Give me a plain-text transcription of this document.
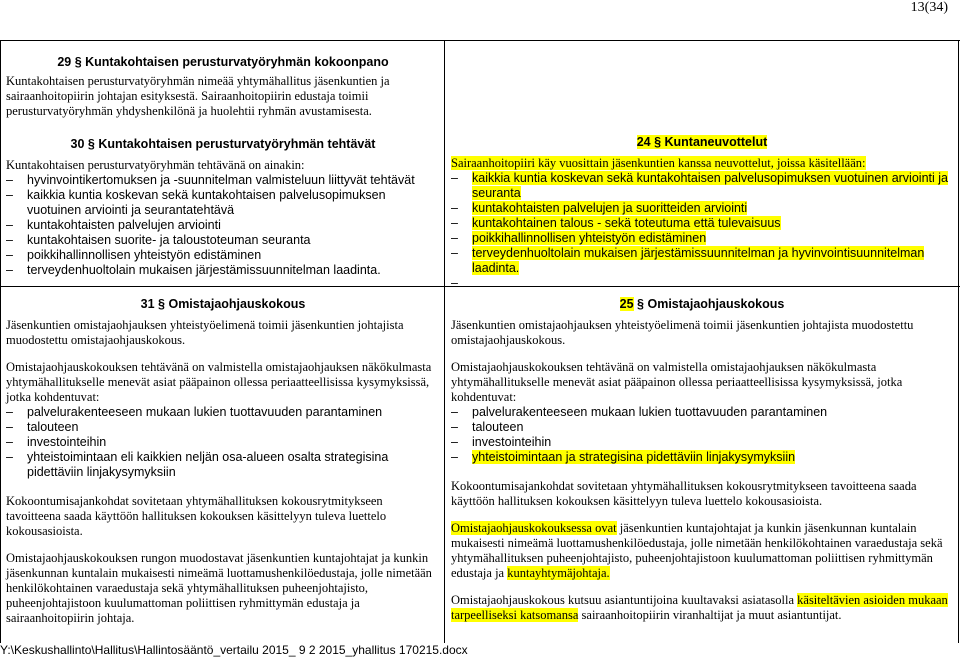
13(34)
29 § Kuntakohtaisen perusturvatyöryhmän kokoonpano

Kuntakohtaisen perusturvatyöryhmän nimeää yhtymähallitus jäsenkuntien ja sairaanhoitopiirin johtajan esityksestä. Sairaanhoitopiirin edustaja toimii perusturvatyöryhmän yhdyshenkilönä ja huolehtii ryhmän avustamisesta.

30 § Kuntakohtaisen perusturvatyöryhmän tehtävät
Kuntakohtaisen perusturvatyöryhmän tehtävänä on ainakin:
– hyvinvointikertomuksen ja -suunnitelman valmisteluun liittyvät tehtävät
– kaikkia kuntia koskevan sekä kuntakohtaisen palvelusopimuksen vuotuinen arviointi ja seurantatehtävä
– kuntakohtaisten palvelujen arviointi
– kuntakohtaisen suorite- ja taloustoteuman seuranta
– poikkihallinnollisen yhteistyön edistäminen
– terveydenhuoltolain mukaisen järjestämissuunnitelman laadinta.
24 § Kuntaneuvottelut
Sairaanhoitopiiri käy vuosittain jäsenkuntien kanssa neuvottelut, joissa käsitellään:
– kaikkia kuntia koskevan sekä kuntakohtaisen palvelusopimuksen vuotuinen arviointi ja seuranta
– kuntakohtaisten palvelujen ja suoritteiden arviointi
– kuntakohtainen talous - sekä toteutuma että tulevaisuus
– poikkihallinnollisen yhteistyön edistäminen
– terveydenhuoltolain mukaisen järjestämissuunnitelman ja hyvinvointisuunnitelman laadinta.
31 § Omistajaohjauskokous

Jäsenkuntien omistajaohjauksen yhteistyöelimenä toimii jäsenkuntien johtajista muodostettu omistajaohjauskokous.

Omistajaohjauskokouksen tehtävänä on valmistella omistajaohjauksen näkökulmasta yhtymähallitukselle menevät asiat pääpainon ollessa periaatteellisissa kysymyksissä, jotka kohdentuvat:
– palvelurakenteeseen mukaan lukien tuottavuuden parantaminen
– talouteen
– investointeihin
– yhteistoimintaan eli kaikkien neljän osa-alueen osalta strategisina pidettäviin linjakysymyksiin

Kokoontumisajankohdat sovitetaan yhtymähallituksen kokousrytmitykseen tavoitteena saada käyttöön hallituksen kokouksen käsittelyyn tuleva luettelo kokousasioista.

Omistajaohjauskokouksen rungon muodostavat jäsenkuntien kuntajohtajat ja kunkin jäsenkunnan kuntalain mukaisesti nimeämä luottamushenkilöedustaja, jolle nimetään henkilökohtainen varaedustaja sekä yhtymähallituksen puheenjohtajisto, puheenjohtajistoon kuulumattoman poliittisen ryhmittymän edustaja ja sairaanhoitopiirin johtaja.

25 § Omistajaohjauskokous

Jäsenkuntien omistajaohjauksen yhteistyöelimenä toimii jäsenkuntien johtajista muodostettu omistajaohjauskokous.

Omistajaohjauskokouksen tehtävänä on valmistella omistajaohjauksen näkökulmasta yhtymähallitukselle menevät asiat pääpainon ollessa periaatteellisissa kysymyksissä, jotka kohdentuvat:
– palvelurakenteeseen mukaan lukien tuottavuuden parantaminen
– talouteen
– investointeihin
– yhteistoimintaan ja strategisina pidettäviin linjakysymyksiin

Kokoontumisajankohdat sovitetaan yhtymähallituksen kokousrytmitykseen tavoitteena saada käyttöön hallituksen kokouksen käsittelyyn tuleva luettelo kokousasioista.

Omistajaohjauskokouksessa ovat jäsenkuntien kuntajohtajat ja kunkin jäsenkunnan kuntalain mukaisesti nimeämä luottamushenkilöedustaja, jolle nimetään henkilökohtainen varaedustaja sekä yhtymähallituksen puheenjohtajisto, puheenjohtajistoon kuulumattoman poliittisen ryhmittymän edustaja ja kuntayhtymäjohtaja.

Omistajaohjauskokous kutsuu asiantuntijoina kuultavaksi asiatasolla käsiteltävien asioiden mukaan tarpeelliseksi katsomansa sairaanhoitopiirin viranhaltijat ja muut asiantuntijat.

Y:\Keskushallinto\Hallitus\Hallintosääntö_vertailu 2015_ 9 2 2015_yhallitus 170215.docx
